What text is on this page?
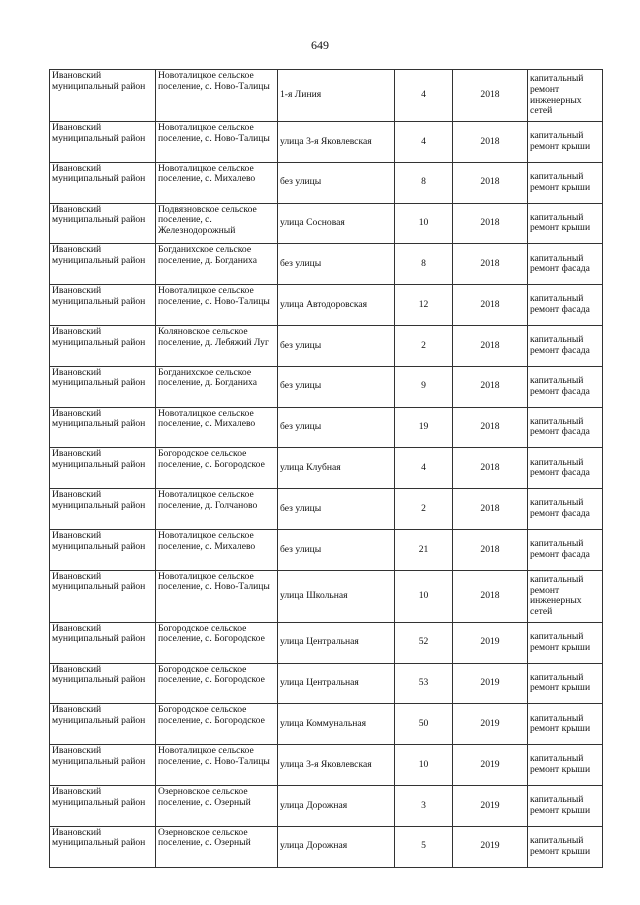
649
Ивановский муниципальный район	Новоталицкое сельское поселение, с. Ново-Талицы	1-я Линия	4	2018	капитальный ремонт инженерных сетей
Ивановский муниципальный район	Новоталицкое сельское поселение, с. Ново-Талицы	улица 3-я Яковлевская	4	2018	капитальный ремонт крыши
Ивановский муниципальный район	Новоталицкое сельское поселение, с. Михалево	без улицы	8	2018	капитальный ремонт крыши
Ивановский муниципальный район	Подвязновское сельское поселение, с. Железнодорожный	улица Сосновая	10	2018	капитальный ремонт крыши
Ивановский муниципальный район	Богданихское сельское поселение, д. Богданиха	без улицы	8	2018	капитальный ремонт фасада
Ивановский муниципальный район	Новоталицкое сельское поселение, с. Ново-Талицы	улица Автодоровская	12	2018	капитальный ремонт фасада
Ивановский муниципальный район	Коляновское сельское поселение, д. Лебяжий Луг	без улицы	2	2018	капитальный ремонт фасада
Ивановский муниципальный район	Богданихское сельское поселение, д. Богданиха	без улицы	9	2018	капитальный ремонт фасада
Ивановский муниципальный район	Новоталицкое сельское поселение, с. Михалево	без улицы	19	2018	капитальный ремонт фасада
Ивановский муниципальный район	Богородское сельское поселение, с. Богородское	улица Клубная	4	2018	капитальный ремонт фасада
Ивановский муниципальный район	Новоталицкое сельское поселение, д. Голчаново	без улицы	2	2018	капитальный ремонт фасада
Ивановский муниципальный район	Новоталицкое сельское поселение, с. Михалево	без улицы	21	2018	капитальный ремонт фасада
Ивановский муниципальный район	Новоталицкое сельское поселение, с. Ново-Талицы	улица Школьная	10	2018	капитальный ремонт инженерных сетей
Ивановский муниципальный район	Богородское сельское поселение, с. Богородское	улица Центральная	52	2019	капитальный ремонт крыши
Ивановский муниципальный район	Богородское сельское поселение, с. Богородское	улица Центральная	53	2019	капитальный ремонт крыши
Ивановский муниципальный район	Богородское сельское поселение, с. Богородское	улица Коммунальная	50	2019	капитальный ремонт крыши
Ивановский муниципальный район	Новоталицкое сельское поселение, с. Ново-Талицы	улица 3-я Яковлевская	10	2019	капитальный ремонт крыши
Ивановский муниципальный район	Озерновское сельское поселение, с. Озерный	улица Дорожная	3	2019	капитальный ремонт крыши
Ивановский муниципальный район	Озерновское сельское поселение, с. Озерный	улица Дорожная	5	2019	капитальный ремонт крыши
